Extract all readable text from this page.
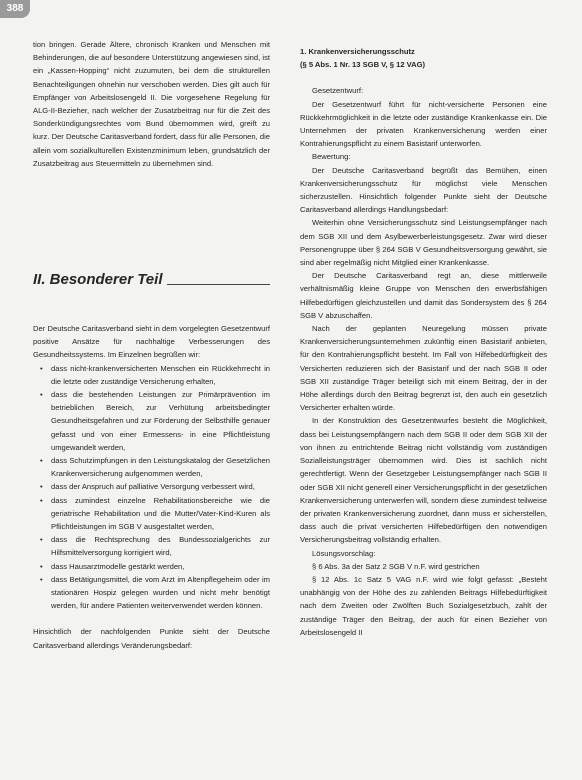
388

tion bringen. Gerade Ältere, chronisch Kranken und Menschen mit Behinderungen, die auf besondere Unterstützung angewiesen sind, ist ein „Kassen-Hopping“ nicht zuzumuten, bei dem die strukturellen Benachteiligungen ohnehin nur verschoben werden. Dies gilt auch für Empfänger von Arbeitslosengeld II. Die vorgesehene Regelung für ALG-II-Bezieher, nach welcher der Zusatzbeitrag nur für die Zeit des Sonderkündigungsrechtes vom Bund übernommen wird, greift zu kurz. Der Deutsche Caritasverband fordert, dass für alle Personen, die allein vom sozialkulturellen Existenzminimum leben, grundsätzlich der Zusatzbeitrag aus Steuermitteln zu übernehmen sind.

II. Besonderer Teil

Der Deutsche Caritasverband sieht in dem vorgelegten Gesetzentwurf positive Ansätze für nachhaltige Verbesserungen des Gesundheitssystems. Im Einzelnen begrüßen wir:

• dass nicht-krankenversicherten Menschen ein Rückkehrrecht in die letzte oder zuständige Versicherung erhalten,
• dass die bestehenden Leistungen zur Primärprävention im betrieblichen Bereich, zur Verhütung arbeitsbedingter Gesundheitsgefahren und zur Förderung der Selbsthilfe genauer gefasst und von einer Ermessens- in eine Pflichtleistung umgewandelt werden,
• dass Schutzimpfungen in den Leistungskatalog der Gesetzlichen Krankenversicherung aufgenommen werden,
• dass der Anspruch auf palliative Versorgung verbessert wird,
• dass zumindest einzelne Rehabilitationsbereiche wie die geriatrische Rehabilitation und die Mutter/Vater-Kind-Kuren als Pflichtleistungen im SGB V ausgestaltet werden,
• dass die Rechtsprechung des Bundessozialgerichts zur Hilfsmittelversorgung korrigiert wird,
• dass Hausarztmodelle gestärkt werden,
• dass Betätigungsmittel, die vom Arzt im Altenpflegeheim oder im stationären Hospiz gelegen wurden und nicht mehr benötigt werden, für andere Patienten weiterverwendet werden können.

Hinsichtlich der nachfolgenden Punkte sieht der Deutsche Caritasverband allerdings Veränderungsbedarf:

1. Krankenversicherungsschutz

(§ 5 Abs. 1 Nr. 13 SGB V, § 12 VAG)

Gesetzentwurf:

Der Gesetzentwurf führt für nicht-versicherte Personen eine Rückkehrmöglichkeit in die letzte oder zuständige Krankenkasse ein. Die Unternehmen der privaten Krankenversicherung werden einer Kontrahierungspflicht zu einem Basistarif unterworfen.

Bewertung:

Der Deutsche Caritasverband begrüßt das Bemühen, einen Krankenversicherungsschutz für möglichst viele Menschen sicherzustellen. Hinsichtlich folgender Punkte sieht der Deutsche Caritasverband allerdings Handlungsbedarf:

Weiterhin ohne Versicherungsschutz sind Leistungsempfänger nach dem SGB XII und dem Asylbewerberleistungsgesetz. Zwar wird dieser Personengruppe über § 264 SGB V Gesundheitsversorgung gewährt, sie sind aber regelmäßig nicht Mitglied einer Krankenkasse.

Der Deutsche Caritasverband regt an, diese mittlerweile verhältnismäßig kleine Gruppe von Menschen den erwerbsfähigen Hilfebedürftigen gleichzustellen und damit das Sondersystem des § 264 SGB V abzuschaffen.

Nach der geplanten Neuregelung müssen private Krankenversicherungsunternehmen zukünftig einen Basistarif anbieten, für den Kontrahierungspflicht besteht. Im Fall von Hilfebedürftigkeit des Versicherten reduzieren sich der Basistarif und der nach SGB II oder SGB XII zuständige Träger beteiligt sich mit einem Beitrag, der in der Höhe allerdings durch den Beitrag begrenzt ist, den auch ein gesetzlich Versicherter erhalten würde.

In der Konstruktion des Gesetzentwurfes besteht die Möglichkeit, dass bei Leistungsempfängern nach dem SGB II oder dem SGB XII der von ihnen zu entrichtende Beitrag nicht vollständig vom zuständigen Sozialleistungsträger übernommen wird. Dies ist sachlich nicht gerechtfertigt. Wenn der Gesetzgeber Leistungsempfänger nach SGB II oder SGB XII nicht generell einer Versicherungspflicht in der gesetzlichen Krankenversicherung unterwerfen will, sondern diese zumindest teilweise der privaten Krankenversicherung zuordnet, dann muss er sicherstellen, dass auch die privat versicherten Hilfebedürftigen den notwendigen Versicherungsbeitrag vollständig erhalten.

Lösungsvorschlag:

§ 6 Abs. 3a der Satz 2 SGB V n.F. wird gestrichen

§ 12 Abs. 1c Satz 5 VAG n.F. wird wie folgt gefasst: „Besteht unabhängig von der Höhe des zu zahlenden Beitrags Hilfebedürftigkeit nach dem Zweiten oder Zwölften Buch Sozialgesetzbuch, zahlt der zuständige Träger den Beitrag, der auch für einen Bezieher von Arbeitslosengeld II
